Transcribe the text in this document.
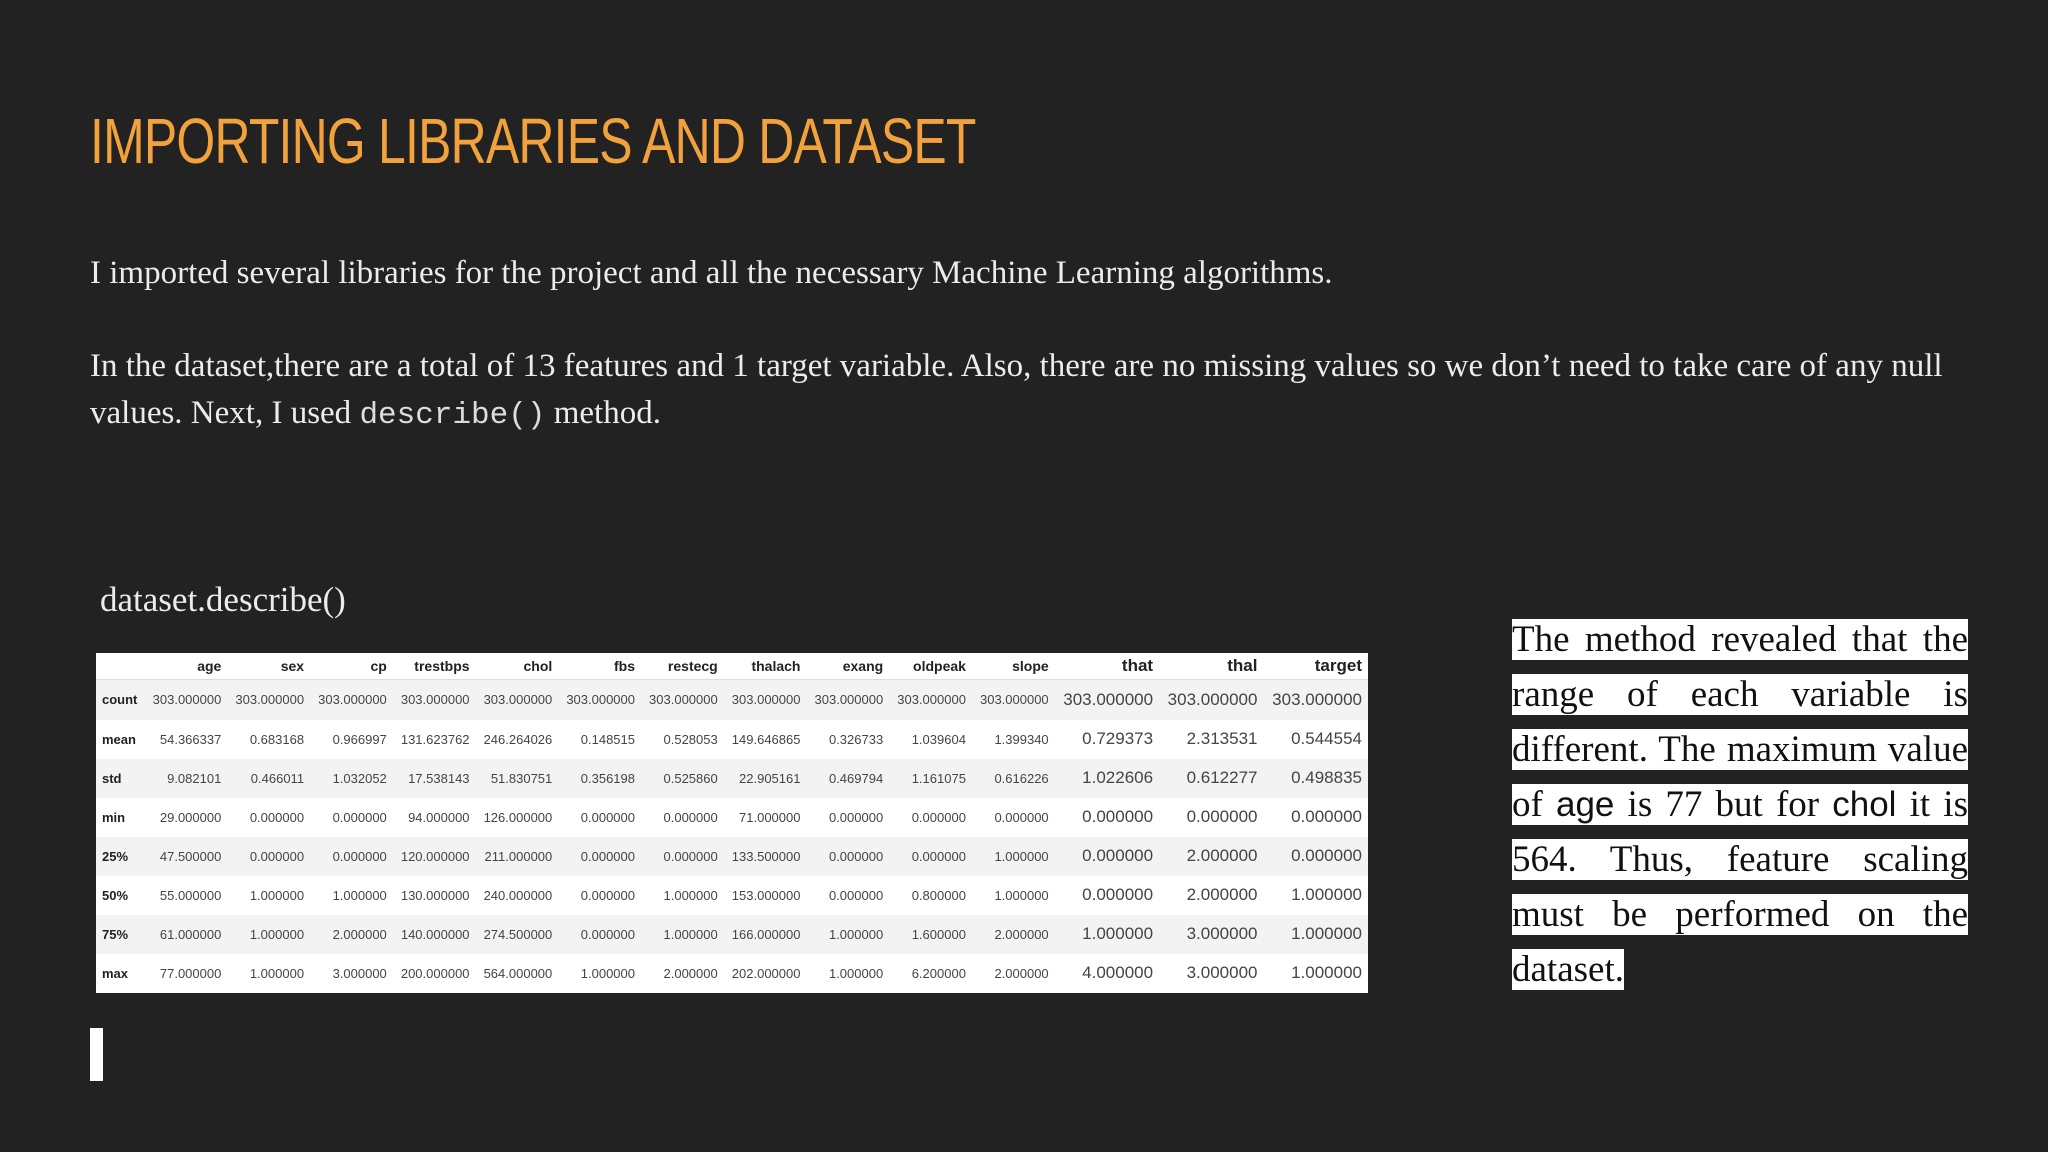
IMPORTING LIBRARIES AND DATASET
I imported several libraries for the project and all the necessary Machine Learning algorithms.
In the dataset,there are a total of 13 features and 1 target variable. Also, there are no missing values so we don’t need to take care of any null values. Next, I used describe() method.
dataset.describe()
	age	sex	cp	trestbps	chol	fbs	restecg	thalach	exang	oldpeak	slope	that	thal	target
count	303.000000	303.000000	303.000000	303.000000	303.000000	303.000000	303.000000	303.000000	303.000000	303.000000	303.000000	303.000000	303.000000	303.000000
mean	54.366337	0.683168	0.966997	131.623762	246.264026	0.148515	0.528053	149.646865	0.326733	1.039604	1.399340	0.729373	2.313531	0.544554
std	9.082101	0.466011	1.032052	17.538143	51.830751	0.356198	0.525860	22.905161	0.469794	1.161075	0.616226	1.022606	0.612277	0.498835
min	29.000000	0.000000	0.000000	94.000000	126.000000	0.000000	0.000000	71.000000	0.000000	0.000000	0.000000	0.000000	0.000000	0.000000
25%	47.500000	0.000000	0.000000	120.000000	211.000000	0.000000	0.000000	133.500000	0.000000	0.000000	1.000000	0.000000	2.000000	0.000000
50%	55.000000	1.000000	1.000000	130.000000	240.000000	0.000000	1.000000	153.000000	0.000000	0.800000	1.000000	0.000000	2.000000	1.000000
75%	61.000000	1.000000	2.000000	140.000000	274.500000	0.000000	1.000000	166.000000	1.000000	1.600000	2.000000	1.000000	3.000000	1.000000
max	77.000000	1.000000	3.000000	200.000000	564.000000	1.000000	2.000000	202.000000	1.000000	6.200000	2.000000	4.000000	3.000000	1.000000
The method revealed that the range of each variable is different. The maximum value of age is 77 but for chol it is 564. Thus, feature scaling must be performed on the dataset.
